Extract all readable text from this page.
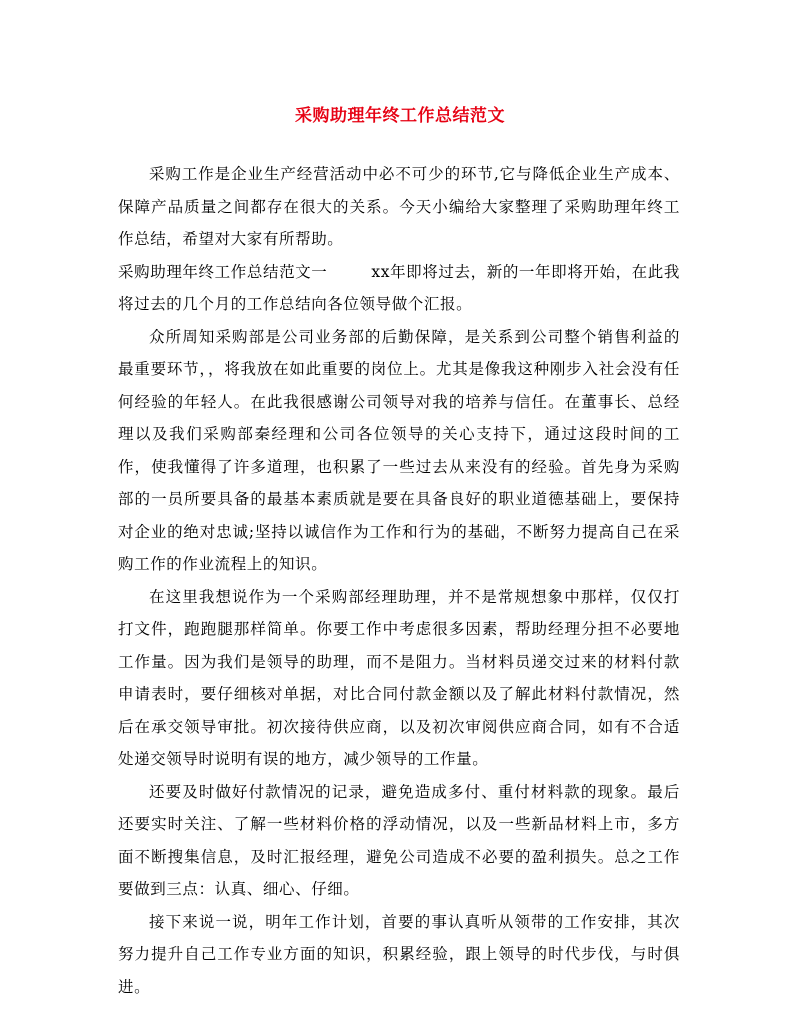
采购助理年终工作总结范文

采购工作是企业生产经营活动中必不可少的环节,它与降低企业生产成本、保障产品质量之间都存在很大的关系。今天小编给大家整理了采购助理年终工作总结，希望对大家有所帮助。

采购助理年终工作总结范文一	xx年即将过去，新的一年即将开始，在此我将过去的几个月的工作总结向各位领导做个汇报。

众所周知采购部是公司业务部的后勤保障，是关系到公司整个销售利益的最重要环节，，将我放在如此重要的岗位上。尤其是像我这种刚步入社会没有任何经验的年轻人。在此我很感谢公司领导对我的培养与信任。在董事长、总经理以及我们采购部秦经理和公司各位领导的关心支持下，通过这段时间的工作，使我懂得了许多道理，也积累了一些过去从来没有的经验。首先身为采购部的一员所要具备的最基本素质就是要在具备良好的职业道德基础上，要保持对企业的绝对忠诚;坚持以诚信作为工作和行为的基础，不断努力提高自己在采购工作的作业流程上的知识。

在这里我想说作为一个采购部经理助理，并不是常规想象中那样，仅仅打打文件，跑跑腿那样简单。你要工作中考虑很多因素，帮助经理分担不必要地工作量。因为我们是领导的助理，而不是阻力。当材料员递交过来的材料付款申请表时，要仔细核对单据，对比合同付款金额以及了解此材料付款情况，然后在承交领导审批。初次接待供应商，以及初次审阅供应商合同，如有不合适处递交领导时说明有误的地方，减少领导的工作量。

还要及时做好付款情况的记录，避免造成多付、重付材料款的现象。最后还要实时关注、了解一些材料价格的浮动情况，以及一些新品材料上市，多方面不断搜集信息，及时汇报经理，避免公司造成不必要的盈利损失。总之工作要做到三点：认真、细心、仔细。

接下来说一说，明年工作计划，首要的事认真听从领带的工作安排，其次努力提升自己工作专业方面的知识，积累经验，跟上领导的时代步伐，与时俱进。
